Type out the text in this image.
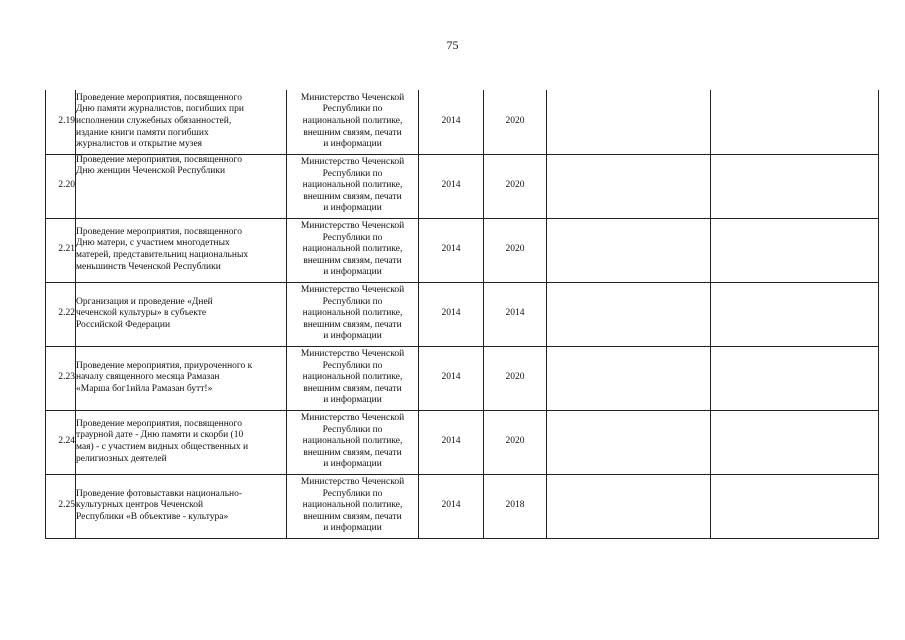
75
2.19	Проведение мероприятия, посвященного
Дню памяти журналистов, погибших при
исполнении служебных обязанностей,
издание книги памяти погибших
журналистов и открытие музея	Министерство Чеченской
Республики по
национальной политике,
внешним связям, печати
и информации	2014	2020		
2.20	Проведение мероприятия, посвященного
Дню женщин Чеченской Республики	Министерство Чеченской
Республики по
национальной политике,
внешним связям, печати
и информации	2014	2020		
2.21	Проведение мероприятия, посвященного
Дню матери, с участием многодетных
матерей, представительниц национальных
меньшинств Чеченской Республики	Министерство Чеченской
Республики по
национальной политике,
внешним связям, печати
и информации	2014	2020		
2.22	Организация и проведение «Дней
чеченской культуры» в субъекте
Российской Федерации	Министерство Чеченской
Республики по
национальной политике,
внешним связям, печати
и информации	2014	2014		
2.23	Проведение мероприятия, приуроченного к
началу священного месяца Рамазан
«Марша бог1ийла Рамазан бутт!»	Министерство Чеченской
Республики по
национальной политике,
внешним связям, печати
и информации	2014	2020		
2.24	Проведение мероприятия, посвященного
траурной дате - Дню памяти и скорби (10
мая) - с участием видных общественных и
религиозных деятелей	Министерство Чеченской
Республики по
национальной политике,
внешним связям, печати
и информации	2014	2020		
2.25	Проведение фотовыставки национально-
культурных центров Чеченской
Республики «В объективе - культура»	Министерство Чеченской
Республики по
национальной политике,
внешним связям, печати
и информации	2014	2018		
